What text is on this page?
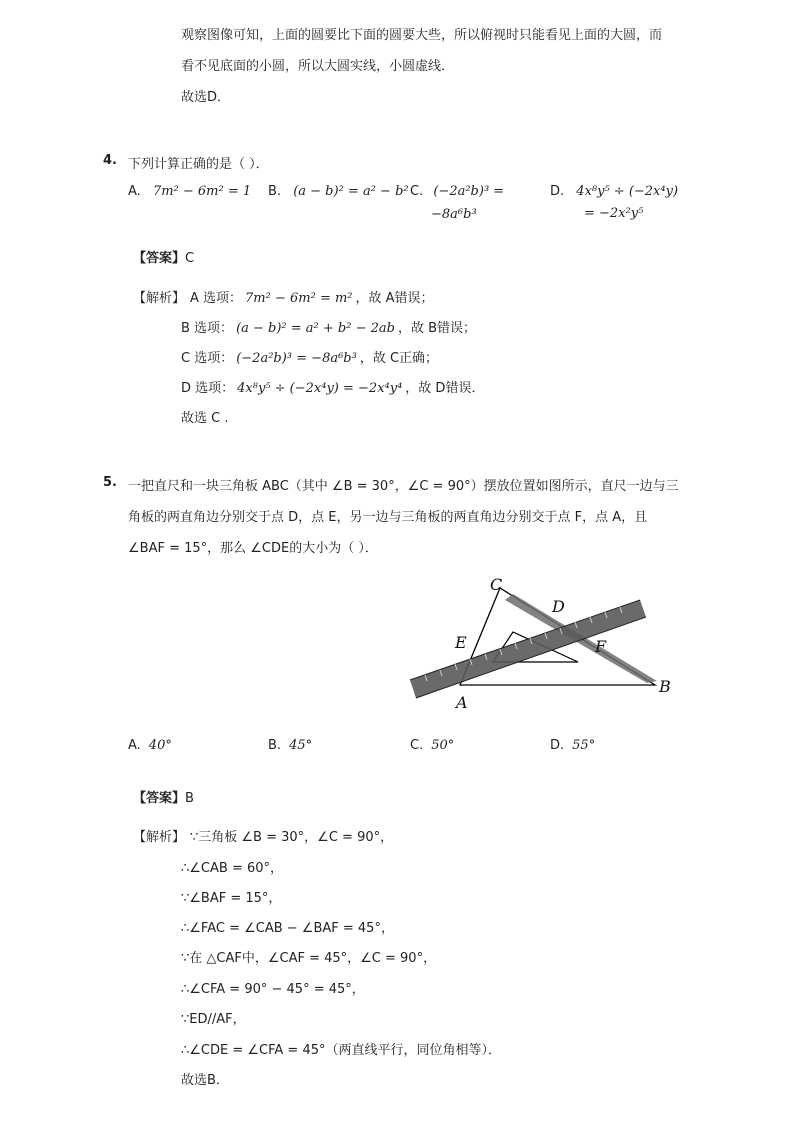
观察图像可知，上面的圆要比下面的圆要大些，所以俯视时只能看见上面的大圆，而
看不见底面的小圆，所以大圆实线，小圆虚线．
故选D．
4. 下列计算正确的是（ ）．
A. 7m² − 6m² = 1 B. (a − b)² = a² − b² C. (−2a²b)³ =
−8a⁶b³
D. 4x⁸y⁵ ÷ (−2x⁴y)
= −2x²y⁵
【答案】C
【解析】 A 选项： 7m² − 6m² = m² ，故 A错误；
B 选项： (a − b)² = a² + b² − 2ab ，故 B错误；
C 选项： (−2a²b)³ = −8a⁶b³ ，故 C正确；
D 选项： 4x⁸y⁵ ÷ (−2x⁴y) = −2x⁴y⁴ ，故 D错误．
故选 C .
5. 一把直尺和一块三角板 ABC（其中 ∠B = 30°，∠C = 90°）摆放位置如图所示，直尺一边与三
角板的两直角边分别交于点 D，点 E，另一边与三角板的两直角边分别交于点 F，点 A，且
∠BAF = 15°，那么 ∠CDE的大小为（ ）．
C
D
E	F
A
B
A. 40°	B. 45°	C. 50°	D. 55°
【答案】B
【解析】 ∵三角板 ∠B = 30°，∠C = 90°，
∴∠CAB = 60°，
∵∠BAF = 15°，
∴∠FAC = ∠CAB − ∠BAF = 45°，
∵在 △CAF中，∠CAF = 45°，∠C = 90°，
∴∠CFA = 90° − 45° = 45°，
∵ED//AF，
∴∠CDE = ∠CFA = 45°（两直线平行，同位角相等）．
故选B．
